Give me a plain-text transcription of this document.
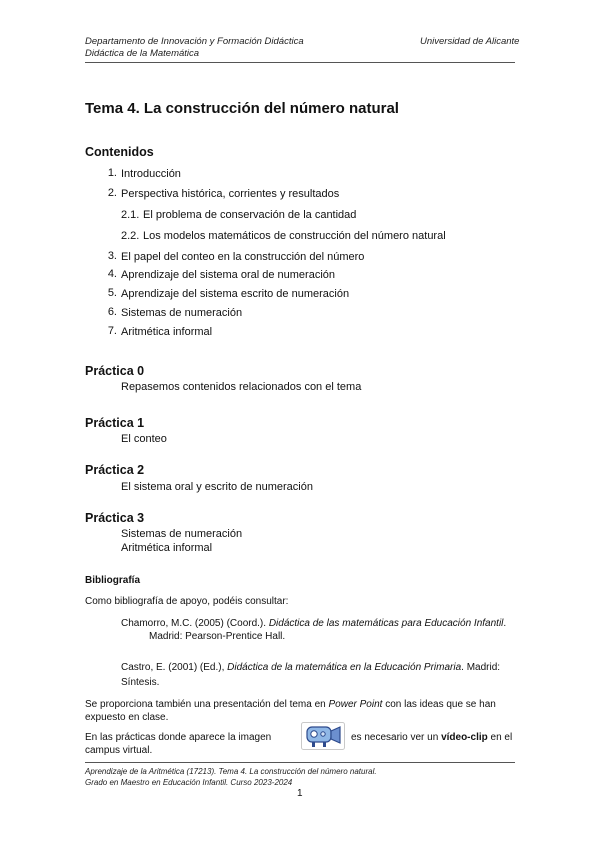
Departamento de Innovación y Formación Didáctica
Didáctica de la Matemática
Universidad de Alicante
Tema 4. La construcción del número natural
Contenidos
1. Introducción
2. Perspectiva histórica, corrientes y resultados
2.1. El problema de conservación de la cantidad
2.2. Los modelos matemáticos de construcción del número natural
3. El papel del conteo en la construcción del número
4. Aprendizaje del sistema oral de numeración
5. Aprendizaje del sistema escrito de numeración
6. Sistemas de numeración
7. Aritmética informal
Práctica 0
Repasemos contenidos relacionados con el tema
Práctica 1
El conteo
Práctica 2
El sistema oral y escrito de numeración
Práctica 3
Sistemas de numeración
Aritmética informal
Bibliografía
Como bibliografía de apoyo, podéis consultar:
Chamorro, M.C. (2005) (Coord.). Didáctica de las matemáticas para Educación Infantil.
Madrid: Pearson-Prentice Hall.
Castro, E. (2001) (Ed.), Didáctica de la matemática en la Educación Primaria. Madrid:
Síntesis.
Se proporciona también una presentación del tema en Power Point con las ideas que se han
expuesto en clase.
En las prácticas donde aparece la imagen	es necesario ver un vídeo-clip en el
campus virtual.
Aprendizaje de la Aritmética (17213). Tema 4. La construcción del número natural.
Grado en Maestro en Educación Infantil. Curso 2023-2024
1
